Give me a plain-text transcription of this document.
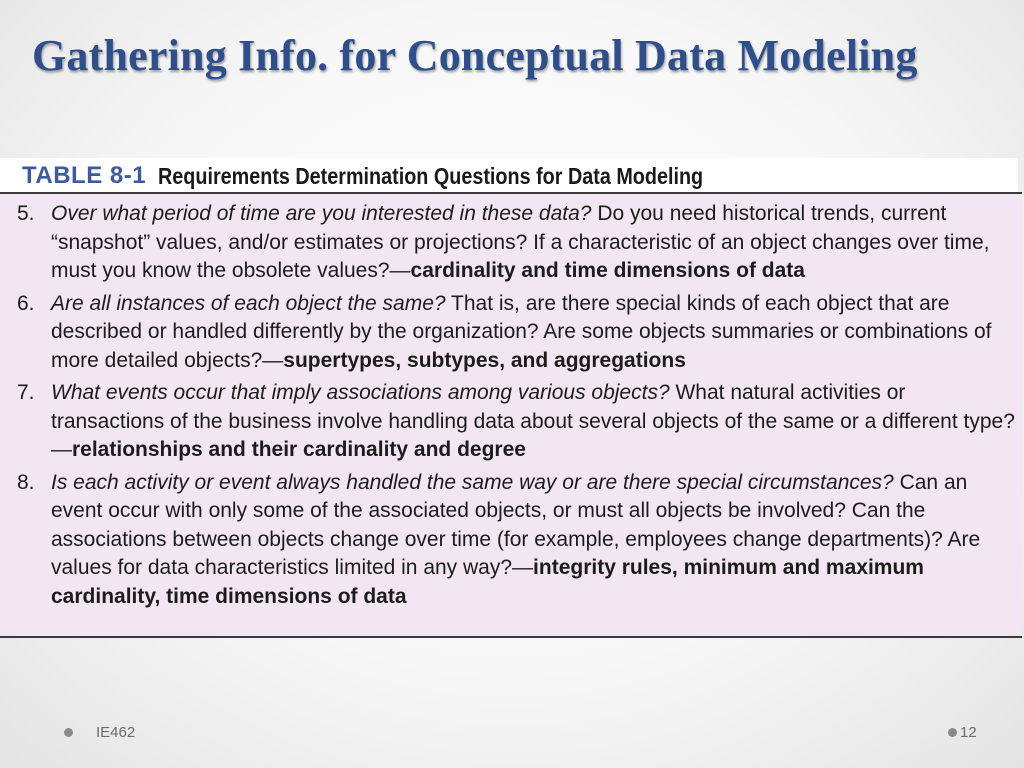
Gathering Info. for Conceptual Data Modeling
TABLE 8-1 Requirements Determination Questions for Data Modeling
5. Over what period of time are you interested in these data? Do you need historical trends, current “snapshot” values, and/or estimates or projections? If a characteristic of an object changes over time, must you know the obsolete values?—cardinality and time dimensions of data
6. Are all instances of each object the same? That is, are there special kinds of each object that are described or handled differently by the organization? Are some objects summaries or combinations of more detailed objects?—supertypes, subtypes, and aggregations
7. What events occur that imply associations among various objects? What natural activities or transactions of the business involve handling data about several objects of the same or a different type?—relationships and their cardinality and degree
8. Is each activity or event always handled the same way or are there special circumstances? Can an event occur with only some of the associated objects, or must all objects be involved? Can the associations between objects change over time (for example, employees change departments)? Are values for data characteristics limited in any way?—integrity rules, minimum and maximum cardinality, time dimensions of data
IE462	12
